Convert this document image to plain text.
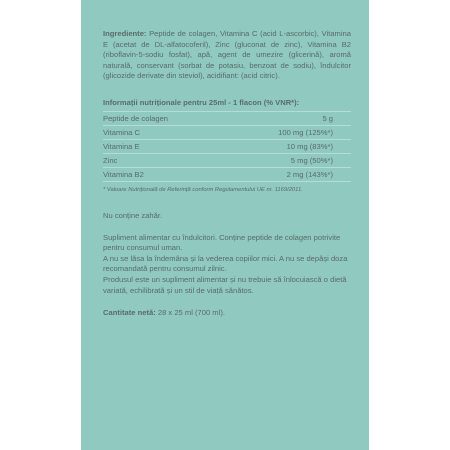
Ingrediente: Peptide de colagen, Vitamina C (acid L-ascorbic), Vitamina E (acetat de DL-alfatocoferil), Zinc (gluconat de zinc), Vitamina B2 (riboflavin-5-sodiu fosfat), apă, agent de umezire (glicerină), aromă naturală, conservant (sorbat de potasiu, benzoat de sodiu), îndulcitor (glicozide derivate din steviol), acidifiant: (acid citric).

Informații nutriționale pentru 25ml - 1 flacon (% VNR*):
Peptide de colagen	5 g
Vitamina C	100 mg (125%*)
Vitamina E	10 mg (83%*)
Zinc	5 mg (50%*)
Vitamina B2	2 mg (143%*)

* Valoare Nutrițională de Referință conform Regulamentului UE nr. 1169/2011.

Nu conține zahăr.

Supliment alimentar cu îndulcitori. Conține peptide de colagen potrivite pentru consumul uman.

A nu se lăsa la îndemâna și la vederea copiilor mici. A nu se depăși doza recomandată pentru consumul zilnic.

Produsul este un supliment alimentar și nu trebuie să înlocuiască o dietă variată, echilibrată și un stil de viață sănătos.

Cantitate netă: 28 x 25 ml (700 ml).
